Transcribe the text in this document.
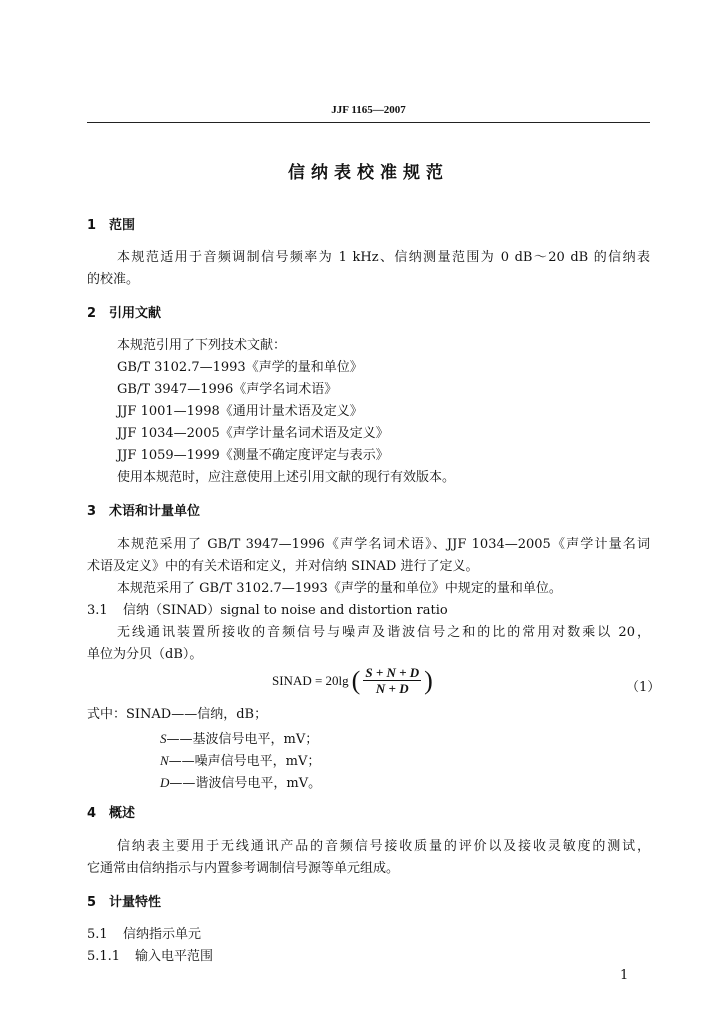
JJF 1165—2007
信纳表校准规范
1 范围
本规范适用于音频调制信号频率为 1 kHz、信纳测量范围为 0 dB～20 dB 的信纳表
的校准。
2 引用文献
本规范引用了下列技术文献：
GB/T 3102.7—1993《声学的量和单位》
GB/T 3947—1996《声学名词术语》
JJF 1001—1998《通用计量术语及定义》
JJF 1034—2005《声学计量名词术语及定义》
JJF 1059—1999《测量不确定度评定与表示》
使用本规范时，应注意使用上述引用文献的现行有效版本。
3 术语和计量单位
本规范采用了 GB/T 3947—1996《声学名词术语》、JJF 1034—2005《声学计量名词
术语及定义》中的有关术语和定义，并对信纳 SINAD 进行了定义。
本规范采用了 GB/T 3102.7—1993《声学的量和单位》中规定的量和单位。
3.1 信纳（SINAD）signal to noise and distortion ratio
无线通讯装置所接收的音频信号与噪声及谐波信号之和的比的常用对数乘以 20，
单位为分贝（dB）。
SINAD = 20lg ( $\frac{S + N + D}{N + D}$ )	（1）
式中：SINAD——信纳，dB；
S——基波信号电平，mV；
N——噪声信号电平，mV；
D——谐波信号电平，mV。
4 概述
信纳表主要用于无线通讯产品的音频信号接收质量的评价以及接收灵敏度的测试，
它通常由信纳指示与内置参考调制信号源等单元组成。
5 计量特性
5.1 信纳指示单元
5.1.1 输入电平范围
1
